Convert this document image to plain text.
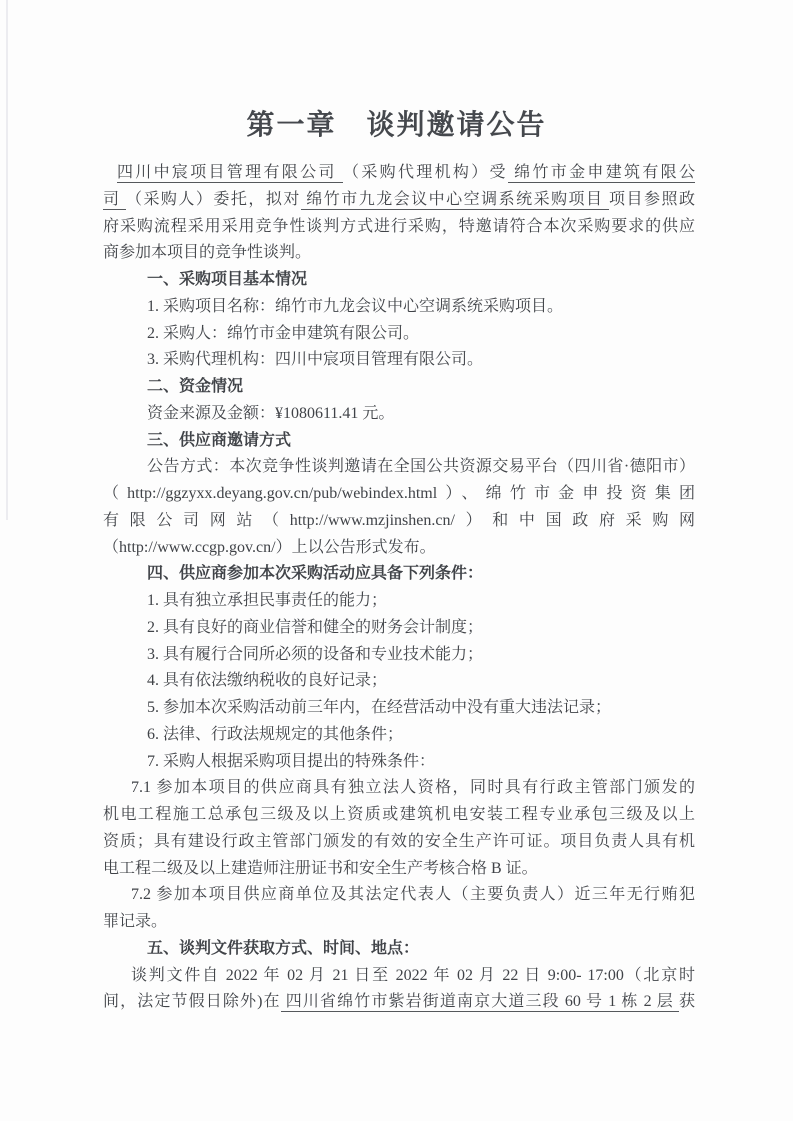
第一章　谈判邀请公告
四川中宸项目管理有限公司 （采购代理机构）受 绵竹市金申建筑有限公
司 （采购人）委托，拟对 绵竹市九龙会议中心空调系统采购项目 项目参照政
府采购流程采用采用竞争性谈判方式进行采购，特邀请符合本次采购要求的供应
商参加本项目的竞争性谈判。
一、采购项目基本情况
1. 采购项目名称：绵竹市九龙会议中心空调系统采购项目。
2. 采购人：绵竹市金申建筑有限公司。
3. 采购代理机构：四川中宸项目管理有限公司。
二、资金情况
资金来源及金额：¥1080611.41 元。
三、供应商邀请方式
公告方式：本次竞争性谈判邀请在全国公共资源交易平台（四川省·德阳市）
（http://ggzyxx.deyang.gov.cn/pub/webindex.html）、绵竹市金申投资集团
有限公司网站（http://www.mzjinshen.cn/）和中国政府采购网
（http://www.ccgp.gov.cn/）上以公告形式发布。
四、供应商参加本次采购活动应具备下列条件：
1. 具有独立承担民事责任的能力；
2. 具有良好的商业信誉和健全的财务会计制度；
3. 具有履行合同所必须的设备和专业技术能力；
4. 具有依法缴纳税收的良好记录；
5. 参加本次采购活动前三年内，在经营活动中没有重大违法记录；
6. 法律、行政法规规定的其他条件；
7. 采购人根据采购项目提出的特殊条件：
7.1 参加本项目的供应商具有独立法人资格，同时具有行政主管部门颁发的
机电工程施工总承包三级及以上资质或建筑机电安装工程专业承包三级及以上
资质；具有建设行政主管部门颁发的有效的安全生产许可证。项目负责人具有机
电工程二级及以上建造师注册证书和安全生产考核合格 B 证。
7.2 参加本项目供应商单位及其法定代表人（主要负责人）近三年无行贿犯
罪记录。
五、谈判文件获取方式、时间、地点：
谈判文件自 2022 年 02 月 21 日至 2022 年 02 月 22 日 9:00- 17:00（北京时
间，法定节假日除外)在 四川省绵竹市紫岩街道南京大道三段 60 号 1 栋 2 层 获
